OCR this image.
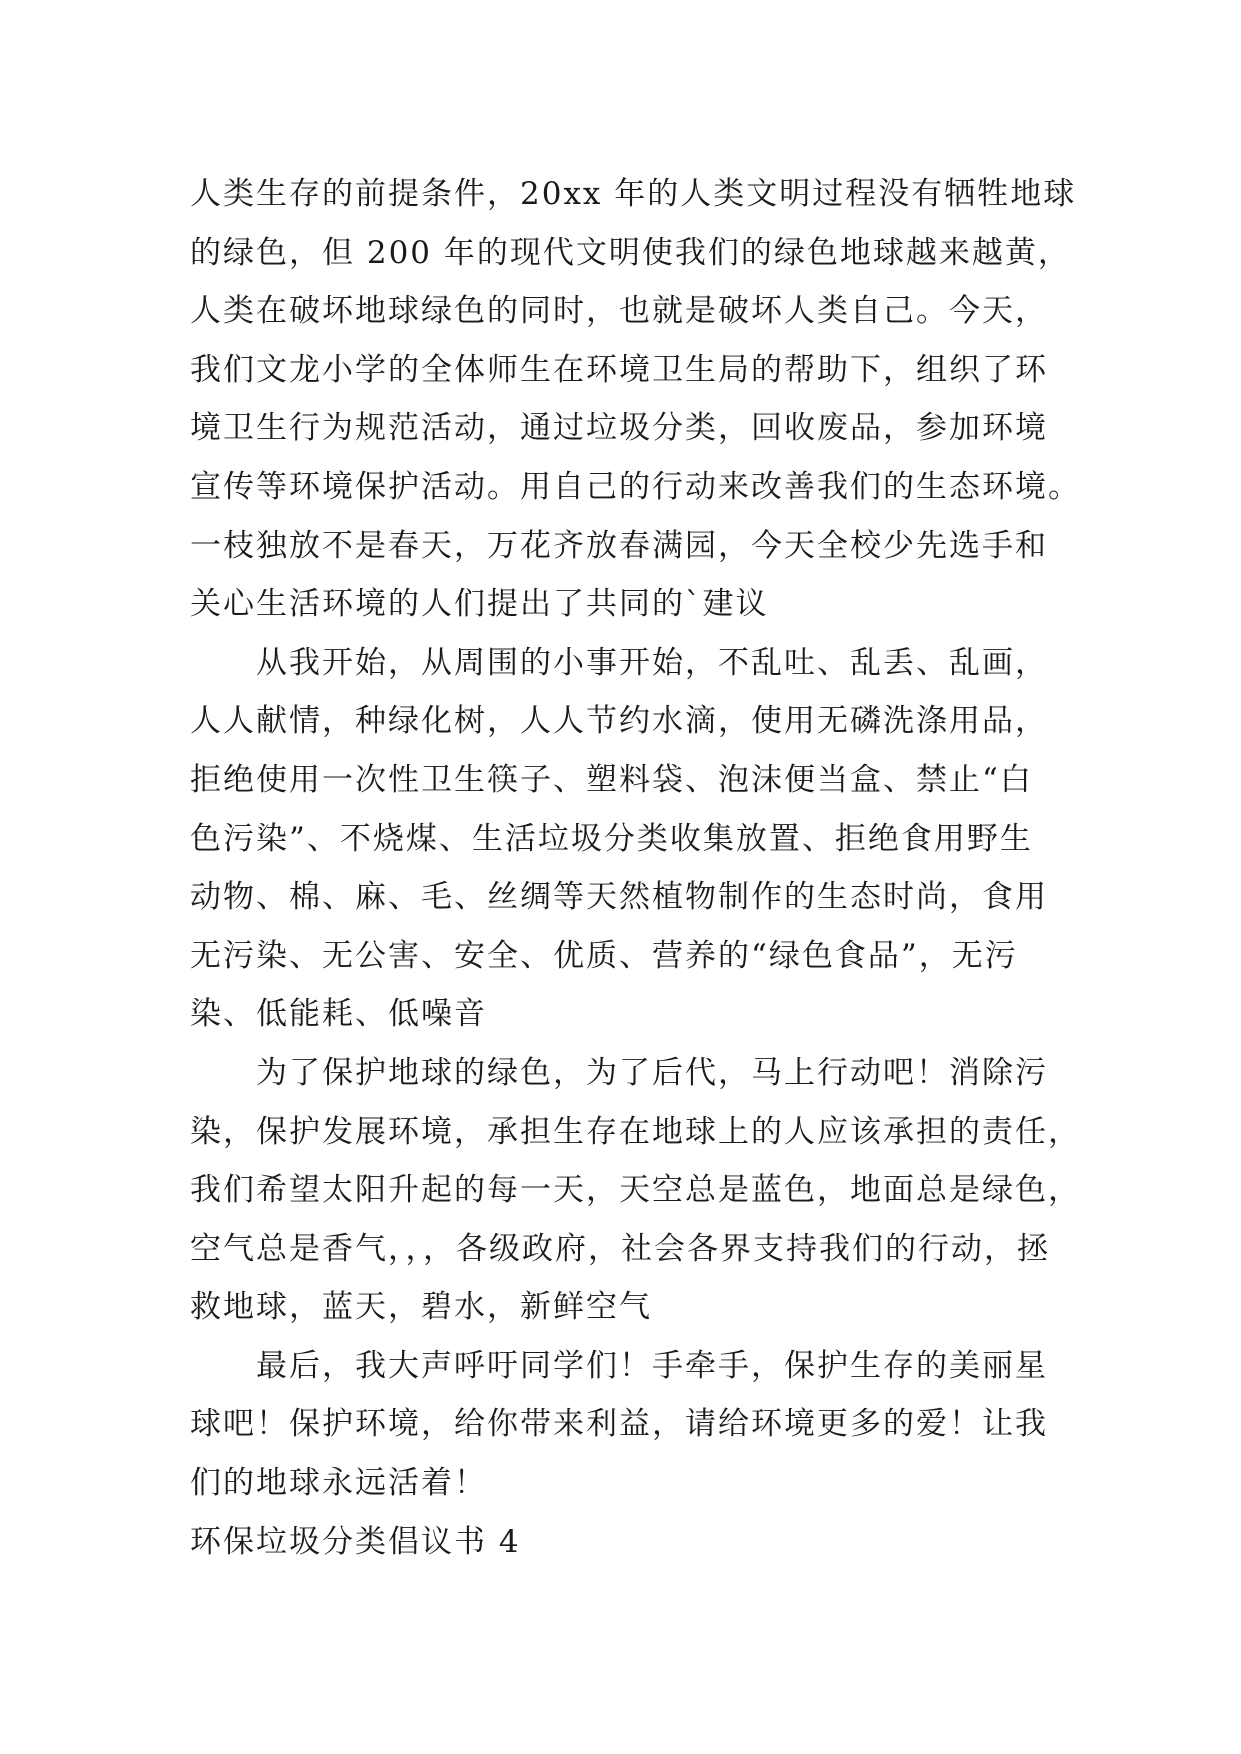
人类生存的前提条件，20xx 年的人类文明过程没有牺牲地球
的绿色，但 200 年的现代文明使我们的绿色地球越来越黄，
人类在破坏地球绿色的同时，也就是破坏人类自己。今天，
我们文龙小学的全体师生在环境卫生局的帮助下，组织了环
境卫生行为规范活动，通过垃圾分类，回收废品，参加环境
宣传等环境保护活动。用自己的行动来改善我们的生态环境。
一枝独放不是春天，万花齐放春满园，今天全校少先选手和
关心生活环境的人们提出了共同的`建议
从我开始，从周围的小事开始，不乱吐、乱丢、乱画，
人人献情，种绿化树，人人节约水滴，使用无磷洗涤用品，
拒绝使用一次性卫生筷子、塑料袋、泡沫便当盒、禁止“白
色污染”、不烧煤、生活垃圾分类收集放置、拒绝食用野生
动物、棉、麻、毛、丝绸等天然植物制作的生态时尚，食用
无污染、无公害、安全、优质、营养的“绿色食品”，无污
染、低能耗、低噪音
为了保护地球的绿色，为了后代，马上行动吧！消除污
染，保护发展环境，承担生存在地球上的人应该承担的责任，
我们希望太阳升起的每一天，天空总是蓝色，地面总是绿色，
空气总是香气，，，各级政府，社会各界支持我们的行动，拯
救地球，蓝天，碧水，新鲜空气
最后，我大声呼吁同学们！手牵手，保护生存的美丽星
球吧！保护环境，给你带来利益，请给环境更多的爱！让我
们的地球永远活着！
环保垃圾分类倡议书 4
